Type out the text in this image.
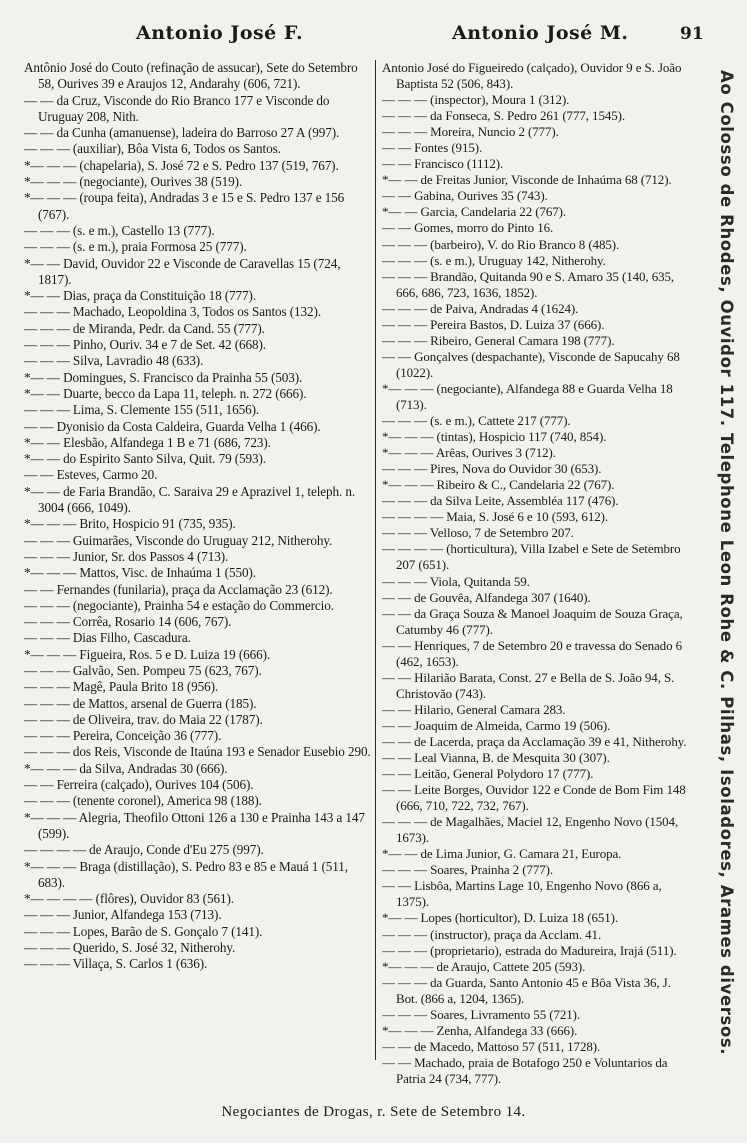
Antonio José F.	Antonio José M.	91

Antônio José do Couto (refinação de assucar), Sete do Setembro 58, Ourives 39 e Araujos 12, Andarahy (606, 721).

— — da Cruz, Visconde do Rio Branco 177 e Visconde do Uruguay 208, Nith.

— — da Cunha (amanuense), ladeira do Barroso 27 A (997).

— — — (auxiliar), Bôa Vista 6, Todos os Santos.

*— — — (chapelaria), S. José 72 e S. Pedro 137 (519, 767).

*— — — (negociante), Ourives 38 (519).

*— — — (roupa feita), Andradas 3 e 15 e S. Pedro 137 e 156 (767).

— — — (s. e m.), Castello 13 (777).

— — — (s. e m.), praia Formosa 25 (777).

*— — David, Ouvidor 22 e Visconde de Caravellas 15 (724, 1817).

*— — Dias, praça da Constituição 18 (777).

— — — Machado, Leopoldina 3, Todos os Santos (132).

— — — de Miranda, Pedr. da Cand. 55 (777).

— — — Pinho, Ouriv. 34 e 7 de Set. 42 (668).

— — — Silva, Lavradio 48 (633).

*— — Domingues, S. Francisco da Prainha 55 (503).

*— — Duarte, becco da Lapa 11, teleph. n. 272 (666).

— — — Lima, S. Clemente 155 (511, 1656).

— — Dyonisio da Costa Caldeira, Guarda Velha 1 (466).

*— — Elesbão, Alfandega 1 B e 71 (686, 723).

*— — do Espirito Santo Silva, Quit. 79 (593).

— — Esteves, Carmo 20.

*— — de Faria Brandão, C. Saraiva 29 e Aprazivel 1, teleph. n. 3004 (666, 1049).

*— — — Brito, Hospicio 91 (735, 935).

— — — Guimarães, Visconde do Uruguay 212, Nitherohy.

— — — Junior, Sr. dos Passos 4 (713).

*— — — Mattos, Visc. de Inhaúma 1 (550).

— — Fernandes (funilaria), praça da Acclamação 23 (612).

— — — (negociante), Prainha 54 e estação do Commercio.

— — — Corrêa, Rosario 14 (606, 767).

— — — Dias Filho, Cascadura.

*— — — Figueira, Ros. 5 e D. Luiza 19 (666).

— — — Galvão, Sen. Pompeu 75 (623, 767).

— — — Magê, Paula Brito 18 (956).

— — — de Mattos, arsenal de Guerra (185).

— — — de Oliveira, trav. do Maia 22 (1787).

— — — Pereira, Conceição 36 (777).

— — — dos Reis, Visconde de Itaúna 193 e Senador Eusebio 290.

*— — — da Silva, Andradas 30 (666).

— — Ferreira (calçado), Ourives 104 (506).

— — — (tenente coronel), America 98 (188).

*— — — Alegria, Theofilo Ottoni 126 a 130 e Prainha 143 a 147 (599).

— — — — de Araujo, Conde d'Eu 275 (997).

*— — — Braga (distillação), S. Pedro 83 e 85 e Mauá 1 (511, 683).

*— — — — (flôres), Ouvidor 83 (561).

— — — Junior, Alfandega 153 (713).

— — — Lopes, Barão de S. Gonçalo 7 (141).

— — — Querido, S. José 32, Nitherohy.

— — — Villaça, S. Carlos 1 (636).

Antonio José do Figueiredo (calçado), Ouvidor 9 e S. João Baptista 52 (506, 843).

— — — (inspector), Moura 1 (312).

— — — da Fonseca, S. Pedro 261 (777, 1545).

— — — Moreira, Nuncio 2 (777).

— — Fontes (915).

— — Francisco (1112).

*— — de Freitas Junior, Visconde de Inhaúma 68 (712).

— — Gabina, Ourives 35 (743).

*— — Garcia, Candelaria 22 (767).

— — Gomes, morro do Pinto 16.

— — — (barbeiro), V. do Rio Branco 8 (485).

— — — (s. e m.), Uruguay 142, Nitherohy.

— — — Brandão, Quitanda 90 e S. Amaro 35 (140, 635, 666, 686, 723, 1636, 1852).

— — — de Paiva, Andradas 4 (1624).

— — — Pereira Bastos, D. Luiza 37 (666).

— — — Ribeiro, General Camara 198 (777).

— — Gonçalves (despachante), Visconde de Sapucahy 68 (1022).

*— — — (negociante), Alfandega 88 e Guarda Velha 18 (713).

— — — (s. e m.), Cattete 217 (777).

*— — — (tintas), Hospicio 117 (740, 854).

*— — — Arêas, Ourives 3 (712).

— — — Pires, Nova do Ouvidor 30 (653).

*— — — Ribeiro & C., Candelaria 22 (767).

— — — da Silva Leite, Assembléa 117 (476).

— — — — Maia, S. José 6 e 10 (593, 612).

— — — Velloso, 7 de Setembro 207.

— — — — (horticultura), Villa Izabel e Sete de Setembro 207 (651).

— — — Viola, Quitanda 59.

— — de Gouvêa, Alfandega 307 (1640).

— — da Graça Souza & Manoel Joaquim de Souza Graça, Catumby 46 (777).

— — Henriques, 7 de Setembro 20 e travessa do Senado 6 (462, 1653).

— — Hilarião Barata, Const. 27 e Bella de S. João 94, S. Christovão (743).

— — Hilario, General Camara 283.

— — Joaquim de Almeida, Carmo 19 (506).

— — de Lacerda, praça da Acclamação 39 e 41, Nitherohy.

— — Leal Vianna, B. de Mesquita 30 (307).

— — Leitão, General Polydoro 17 (777).

— — Leite Borges, Ouvidor 122 e Conde de Bom Fim 148 (666, 710, 722, 732, 767).

— — — de Magalhães, Maciel 12, Engenho Novo (1504, 1673).

*— — de Lima Junior, G. Camara 21, Europa.

— — — Soares, Prainha 2 (777).

— — Lisbôa, Martins Lage 10, Engenho Novo (866 a, 1375).

*— — Lopes (horticultor), D. Luiza 18 (651).

— — — (instructor), praça da Acclam. 41.

— — — (proprietario), estrada do Madureira, Irajá (511).

*— — — de Araujo, Cattete 205 (593).

— — — da Guarda, Santo Antonio 45 e Bôa Vista 36, J. Bot. (866 a, 1204, 1365).

— — — Soares, Livramento 55 (721).

*— — — Zenha, Alfandega 33 (666).

— — de Macedo, Mattoso 57 (511, 1728).

— — Machado, praia de Botafogo 250 e Voluntarios da Patria 24 (734, 777).

Ao Colosso de Rhodes, Ouvidor 117. Telephone Leon Rohe & C. Pilhas, Isoladores, Arames diversos.
Negociantes de Drogas, r. Sete de Setembro 14.
